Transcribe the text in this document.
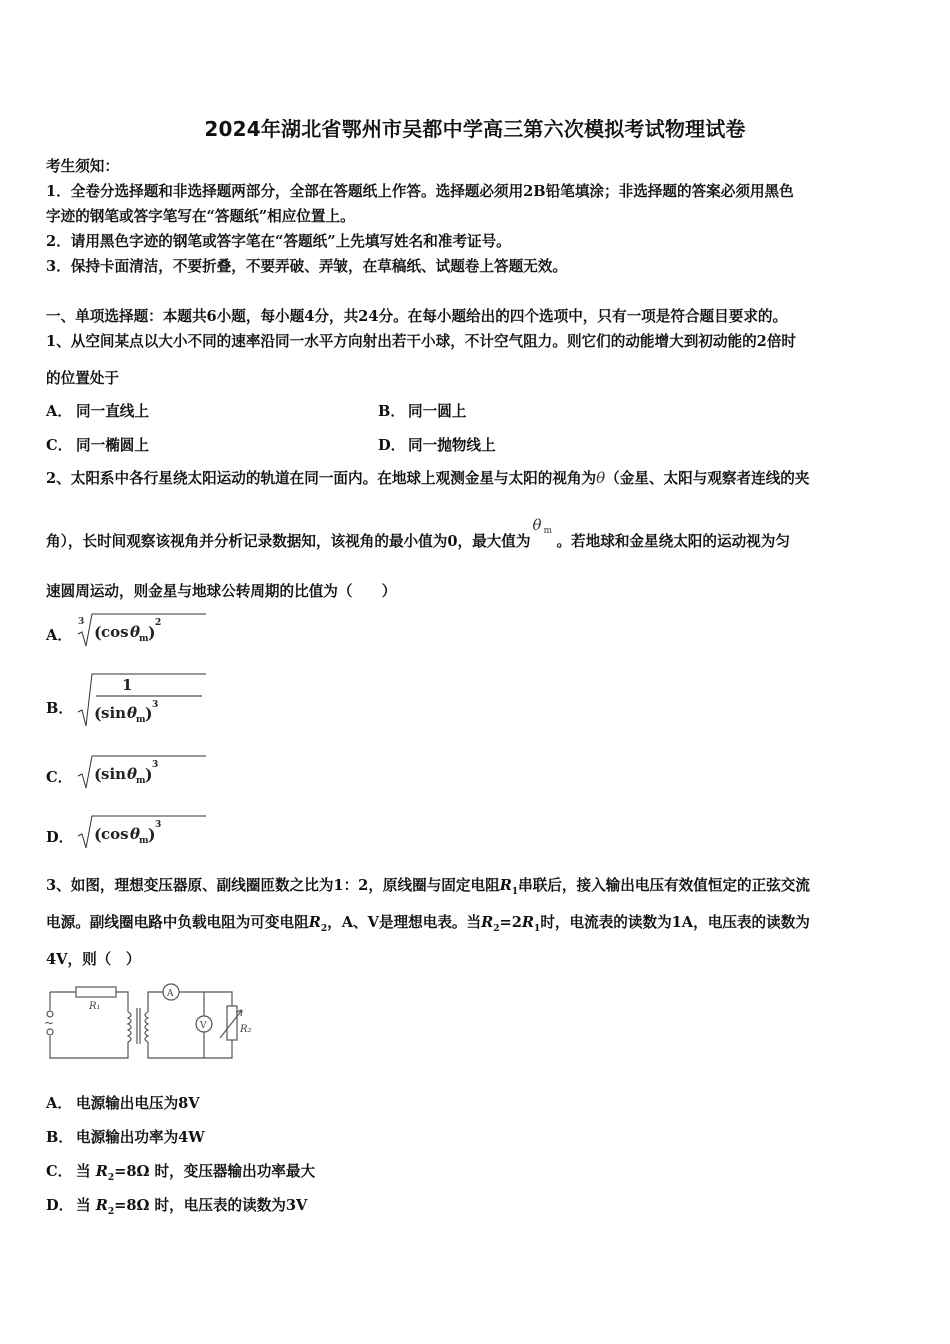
2024年湖北省鄂州市吴都中学高三第六次模拟考试物理试卷
考生须知：
1．全卷分选择题和非选择题两部分，全部在答题纸上作答。选择题必须用2B铅笔填涂；非选择题的答案必须用黑色
字迹的钢笔或答字笔写在“答题纸”相应位置上。
2．请用黑色字迹的钢笔或答字笔在“答题纸”上先填写姓名和准考证号。
3．保持卡面清洁，不要折叠，不要弄破、弄皱，在草稿纸、试题卷上答题无效。
一、单项选择题：本题共6小题，每小题4分，共24分。在每小题给出的四个选项中，只有一项是符合题目要求的。
1、从空间某点以大小不同的速率沿同一水平方向射出若干小球，不计空气阻力。则它们的动能增大到初动能的2倍时
的位置处于
A． 同一直线上	B． 同一圆上
C． 同一椭圆上	D． 同一抛物线上
2、太阳系中各行星绕太阳运动的轨道在同一面内。在地球上观测金星与太阳的视角为θ（金星、太阳与观察者连线的夹
角），长时间观察该视角并分析记录数据知，该视角的最小值为0，最大值为
θ m
。若地球和金星绕太阳的运动视为匀
速圆周运动，则金星与地球公转周期的比值为（　　）
A．
3
( cos θ
m ) 2
B．
1
( sin θ
m ) 3
C． ( sin θ
m ) 3
D． ( cos θ
m ) 3
3、如图，理想变压器原、副线圈匝数之比为1：2，原线圈与固定电阻$R_1$串联后，接入输出电压有效值恒定的正弦交流
电源。副线圈电路中负载电阻为可变电阻$R_2$，A、V是理想电表。当$R_2=2R_1$时，电流表的读数为1A，电压表的读数为
4V，则（　）
R₁
A
V	R₂
~
A． 电源输出电压为8V
B． 电源输出功率为4W
C． 当 $R_2=8\Omega$ 时，变压器输出功率最大
D． 当 $R_2=8\Omega$ 时，电压表的读数为3V
